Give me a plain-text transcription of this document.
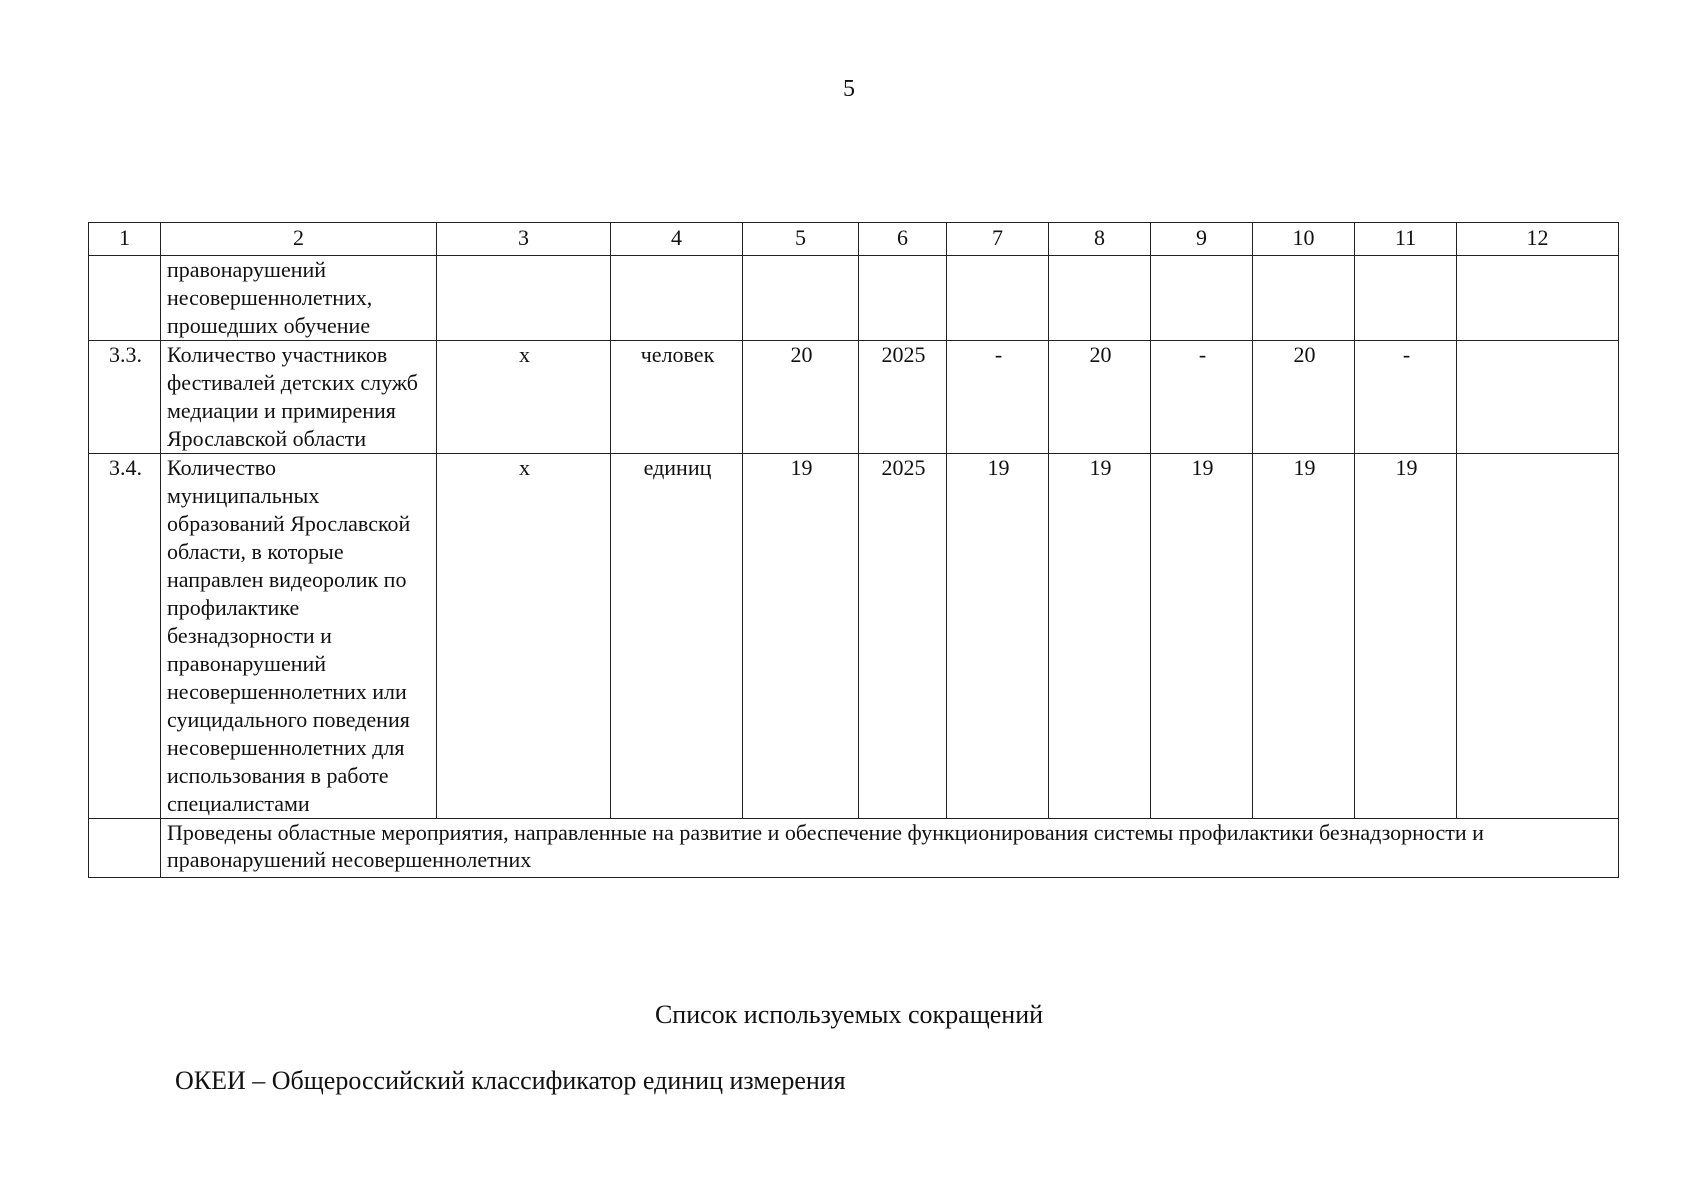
5
1	2	3	4	5	6	7	8	9	10	11	12
	правонарушений несовершеннолетних, прошедших обучение										
3.3.	Количество участников фестивалей детских служб медиации и примирения Ярославской области	x	человек	20	2025	-	20	-	20	-	
3.4.	Количество муниципальных образований Ярославской области, в которые направлен видеоролик по профилактике безнадзорности и правонарушений несовершеннолетних или суицидального поведения несовершеннолетних для использования в работе специалистами	x	единиц	19	2025	19	19	19	19	19	
	Проведены областные мероприятия, направленные на развитие и обеспечение функционирования системы профилактики безнадзорности и правонарушений несовершеннолетних										
Список используемых сокращений
ОКЕИ – Общероссийский классификатор единиц измерения
